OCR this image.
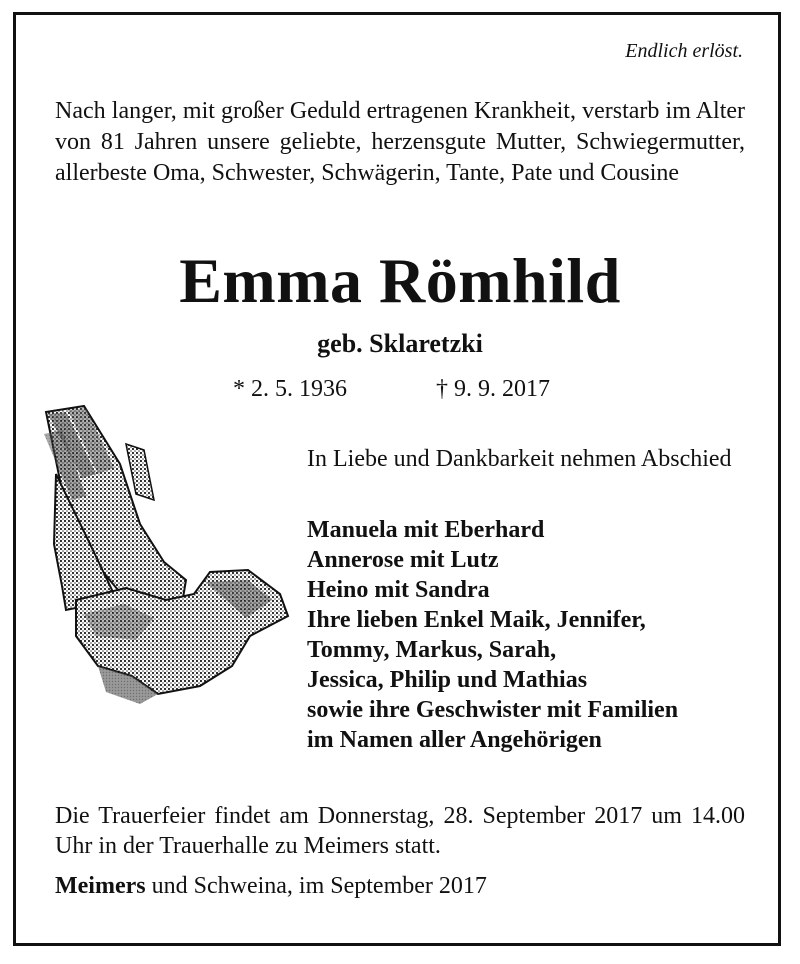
Endlich erlöst.
Nach langer, mit großer Geduld ertragenen Krankheit, verstarb im Alter von 81 Jahren unsere geliebte, herzensgute Mutter, Schwiegermutter, allerbeste Oma, Schwester, Schwägerin, Tante, Pate und Cousine
Emma Römhild
geb. Sklaretzki
* 2. 5. 1936	† 9. 9. 2017
In Liebe und Dankbarkeit nehmen Abschied
Manuela mit Eberhard
Annerose mit Lutz
Heino mit Sandra
Ihre lieben Enkel Maik, Jennifer,
Tommy, Markus, Sarah,
Jessica, Philip und Mathias
sowie ihre Geschwister mit Familien
im Namen aller Angehörigen
Die Trauerfeier findet am Donnerstag, 28. September 2017 um 14.00 Uhr in der Trauerhalle zu Meimers statt.
Meimers und Schweina, im September 2017
